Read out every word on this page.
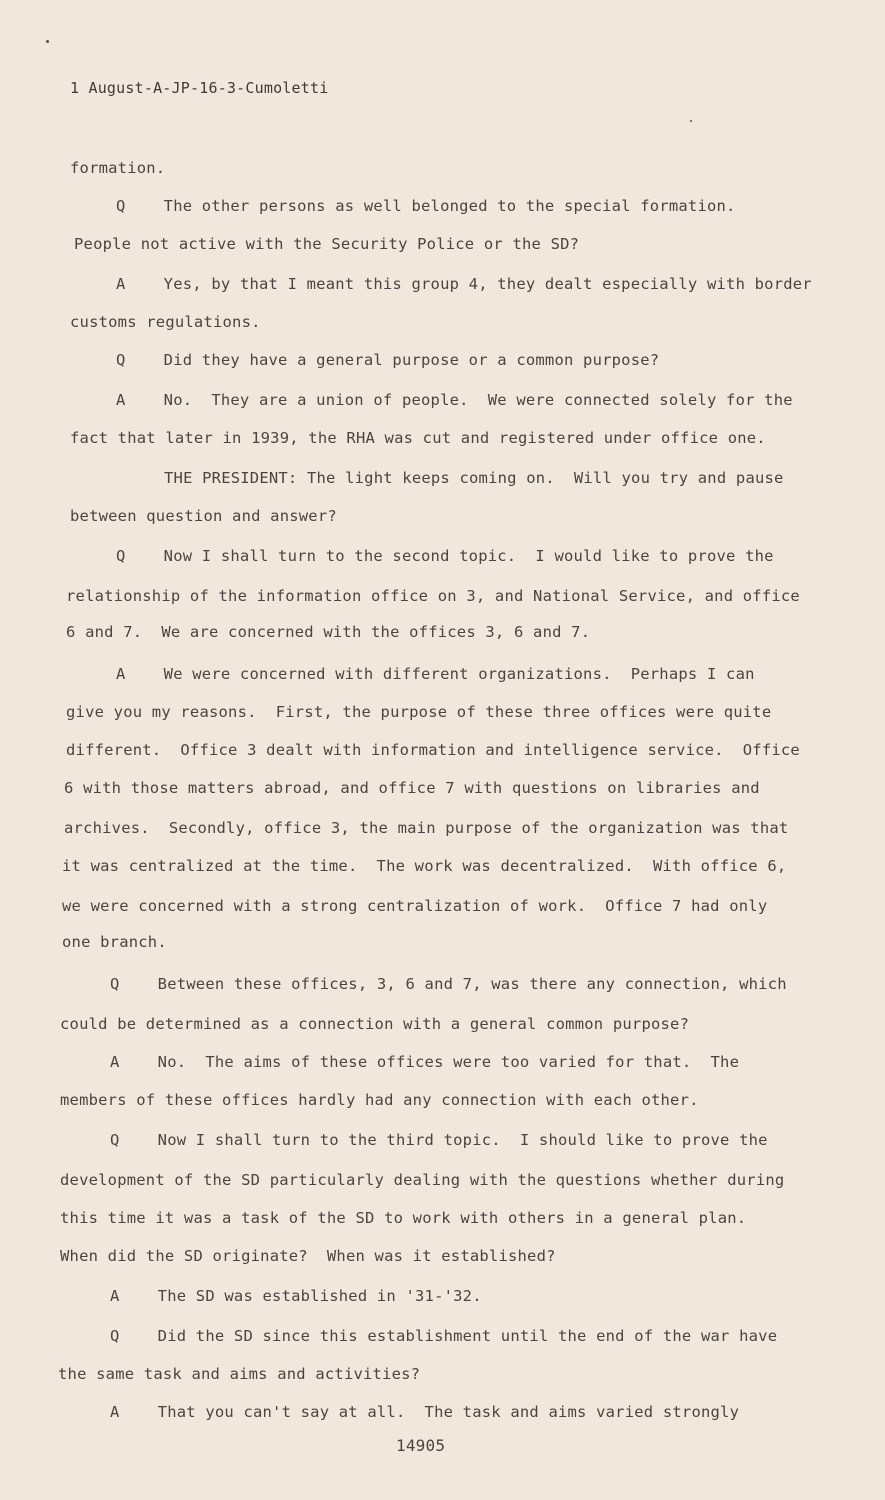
1 August-A-JP-16-3-Cumoletti
formation.
Q    The other persons as well belonged to the special formation.
People not active with the Security Police or the SD?
A    Yes, by that I meant this group 4, they dealt especially with border
customs regulations.
Q    Did they have a general purpose or a common purpose?
A    No.  They are a union of people.  We were connected solely for the
fact that later in 1939, the RHA was cut and registered under office one.
THE PRESIDENT: The light keeps coming on.  Will you try and pause
between question and answer?
Q    Now I shall turn to the second topic.  I would like to prove the
relationship of the information office on 3, and National Service, and office
6 and 7.  We are concerned with the offices 3, 6 and 7.
A    We were concerned with different organizations.  Perhaps I can
give you my reasons.  First, the purpose of these three offices were quite
different.  Office 3 dealt with information and intelligence service.  Office
6 with those matters abroad, and office 7 with questions on libraries and
archives.  Secondly, office 3, the main purpose of the organization was that
it was centralized at the time.  The work was decentralized.  With office 6,
we were concerned with a strong centralization of work.  Office 7 had only
one branch.
Q    Between these offices, 3, 6 and 7, was there any connection, which
could be determined as a connection with a general common purpose?
A    No.  The aims of these offices were too varied for that.  The
members of these offices hardly had any connection with each other.
Q    Now I shall turn to the third topic.  I should like to prove the
development of the SD particularly dealing with the questions whether during
this time it was a task of the SD to work with others in a general plan.
When did the SD originate?  When was it established?
A    The SD was established in '31-'32.
Q    Did the SD since this establishment until the end of the war have
the same task and aims and activities?
A    That you can't say at all.  The task and aims varied strongly
14905
